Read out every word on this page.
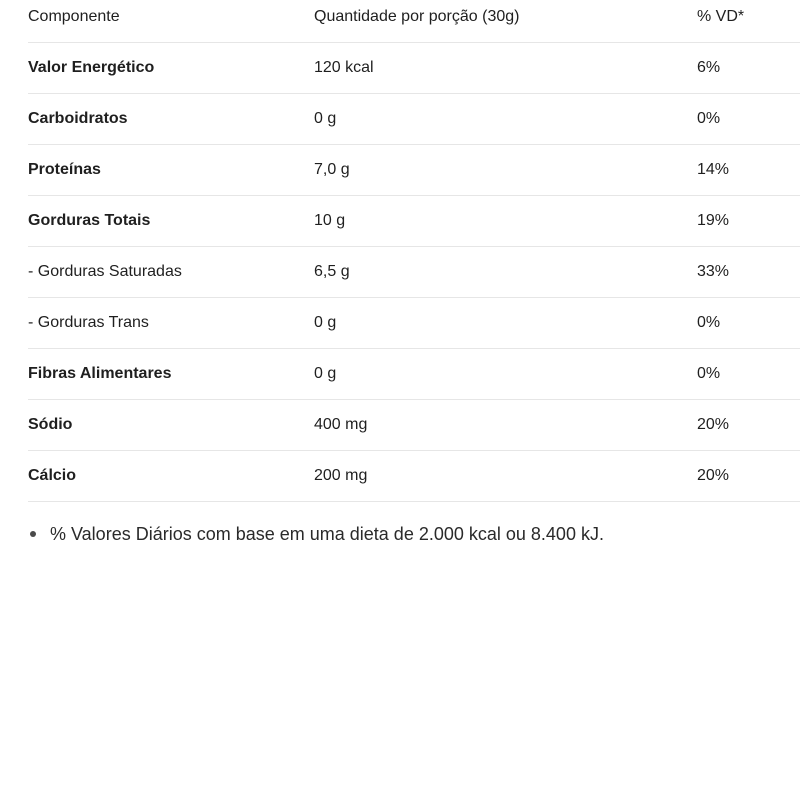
Componente	Quantidade por porção (30g)	% VD*
Valor Energético	120 kcal	6%
Carboidratos	0 g	0%
Proteínas	7,0 g	14%
Gorduras Totais	10 g	19%
- Gorduras Saturadas	6,5 g	33%
- Gorduras Trans	0 g	0%
Fibras Alimentares	0 g	0%
Sódio	400 mg	20%
Cálcio	200 mg	20%
% Valores Diários com base em uma dieta de 2.000 kcal ou 8.400 kJ.
